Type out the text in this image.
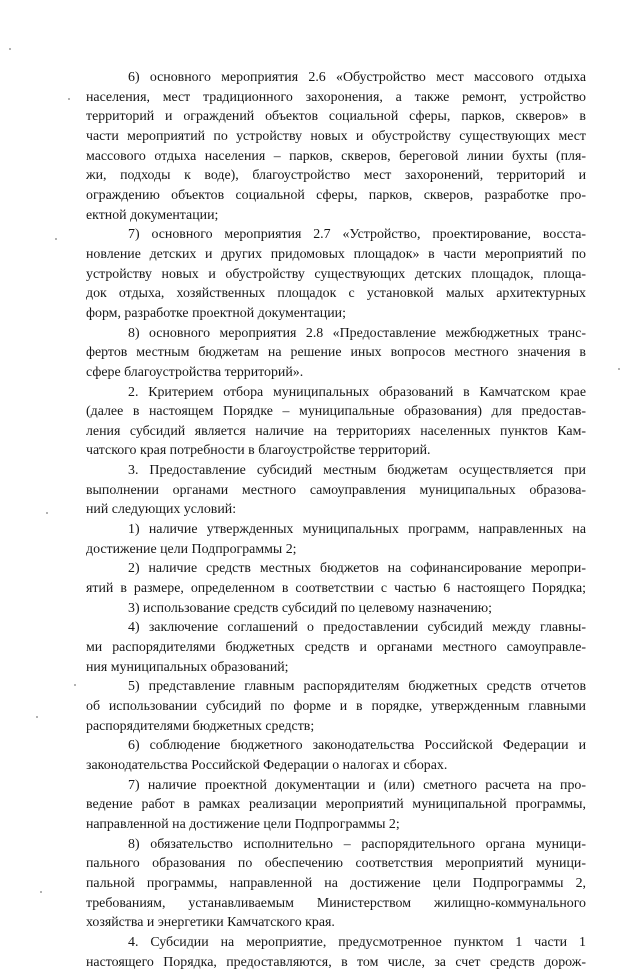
6) основного мероприятия 2.6 «Обустройство мест массового отдыха
населения, мест традиционного захоронения, а также ремонт, устройство
территорий и ограждений объектов социальной сферы, парков, скверов» в
части мероприятий по устройству новых и обустройству существующих мест
массового отдыха населения – парков, скверов, береговой линии бухты (пля-
жи, подходы к воде), благоустройство мест захоронений, территорий и
ограждению объектов социальной сферы, парков, скверов, разработке про-
ектной документации;
7) основного мероприятия 2.7 «Устройство, проектирование, восста-
новление детских и других придомовых площадок» в части мероприятий по
устройству новых и обустройству существующих детских площадок, площа-
док отдыха, хозяйственных площадок с установкой малых архитектурных
форм, разработке проектной документации;
8) основного мероприятия 2.8 «Предоставление межбюджетных транс-
фертов местным бюджетам на решение иных вопросов местного значения в
сфере благоустройства территорий».
2. Критерием отбора муниципальных образований в Камчатском крае
(далее в настоящем Порядке – муниципальные образования) для предостав-
ления субсидий является наличие на территориях населенных пунктов Кам-
чатского края потребности в благоустройстве территорий.
3. Предоставление субсидий местным бюджетам осуществляется при
выполнении органами местного самоуправления муниципальных образова-
ний следующих условий:
1) наличие утвержденных муниципальных программ, направленных на
достижение цели Подпрограммы 2;
2) наличие средств местных бюджетов на софинансирование меропри-
ятий в размере, определенном в соответствии с частью 6 настоящего Порядка;
3) использование средств субсидий по целевому назначению;
4) заключение соглашений о предоставлении субсидий между главны-
ми распорядителями бюджетных средств и органами местного самоуправле-
ния муниципальных образований;
5) представление главным распорядителям бюджетных средств отчетов
об использовании субсидий по форме и в порядке, утвержденным главными
распорядителями бюджетных средств;
6) соблюдение бюджетного законодательства Российской Федерации и
законодательства Российской Федерации о налогах и сборах.
7) наличие проектной документации и (или) сметного расчета на про-
ведение работ в рамках реализации мероприятий муниципальной программы,
направленной на достижение цели Подпрограммы 2;
8) обязательство исполнительно – распорядительного органа муници-
пального образования по обеспечению соответствия мероприятий муници-
пальной программы, направленной на достижение цели Подпрограммы 2,
требованиям, устанавливаемым Министерством жилищно-коммунального
хозяйства и энергетики Камчатского края.
4. Субсидии на мероприятие, предусмотренное пунктом 1 части 1
настоящего Порядка, предоставляются, в том числе, за счет средств дорож-
